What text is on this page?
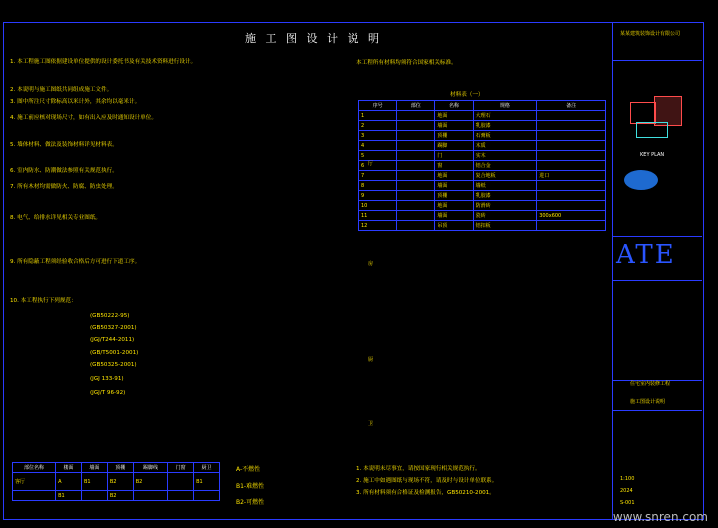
施 工 图 设 计 说 明
1. 本工程施工图依据建设单位提供的设计委托书及有关技术资料进行设计。
2. 本说明与施工图纸共同组成施工文件。
3. 图中所注尺寸除标高以米计外，其余均以毫米计。
4. 施工前应核对现场尺寸，如有出入应及时通知设计单位。
5. 墙体材料、做法及装饰材料详见材料表。
6. 室内防水、防潮做法参照有关规范执行。
7. 所有木材均需做防火、防腐、防虫处理。
8. 电气、给排水详见相关专业图纸。
9. 所有隐蔽工程须经验收合格后方可进行下道工序。
10. 本工程执行下列规范：
(GB50222-95)
(GB50327-2001)
(JGJ/T244-2011)
(GB/T5001-2001)
(GB50325-2001)
(JGJ 133-91)
(JGJ/T 96-92)
本工程所有材料均须符合国家相关标准。
材料表（一）
序号	部位	名称	规格	备注
1		地面	大理石	
2		墙面	乳胶漆	
3		顶棚	石膏板	
4		踢脚	木质	
5		门	实木	
6		窗	铝合金	
7		地面	复合地板	进口
8		墙面	墙纸	
9		顶棚	乳胶漆	
10		地面	防滑砖	
11		墙面	瓷砖	300x600
12		吊顶	铝扣板	
厅
房
厨
卫
部位名称	楼面	墙面	顶棚	踢脚线	门窗	厨卫
客厅	A	B1	B2	B2		B1
	B1		B2			
A-不燃性
B1-难燃性
B2-可燃性
1. 本说明未尽事宜，请按国家现行相关规范执行。
2. 施工中如遇图纸与现场不符，请及时与设计单位联系。
3. 所有材料须有合格证及检测报告，GB50210-2001。
某某建筑装饰设计有限公司
KEY PLAN
ATE
住宅室内装修工程
施工图设计说明
1:100
2024
S-001
www.snren.com
